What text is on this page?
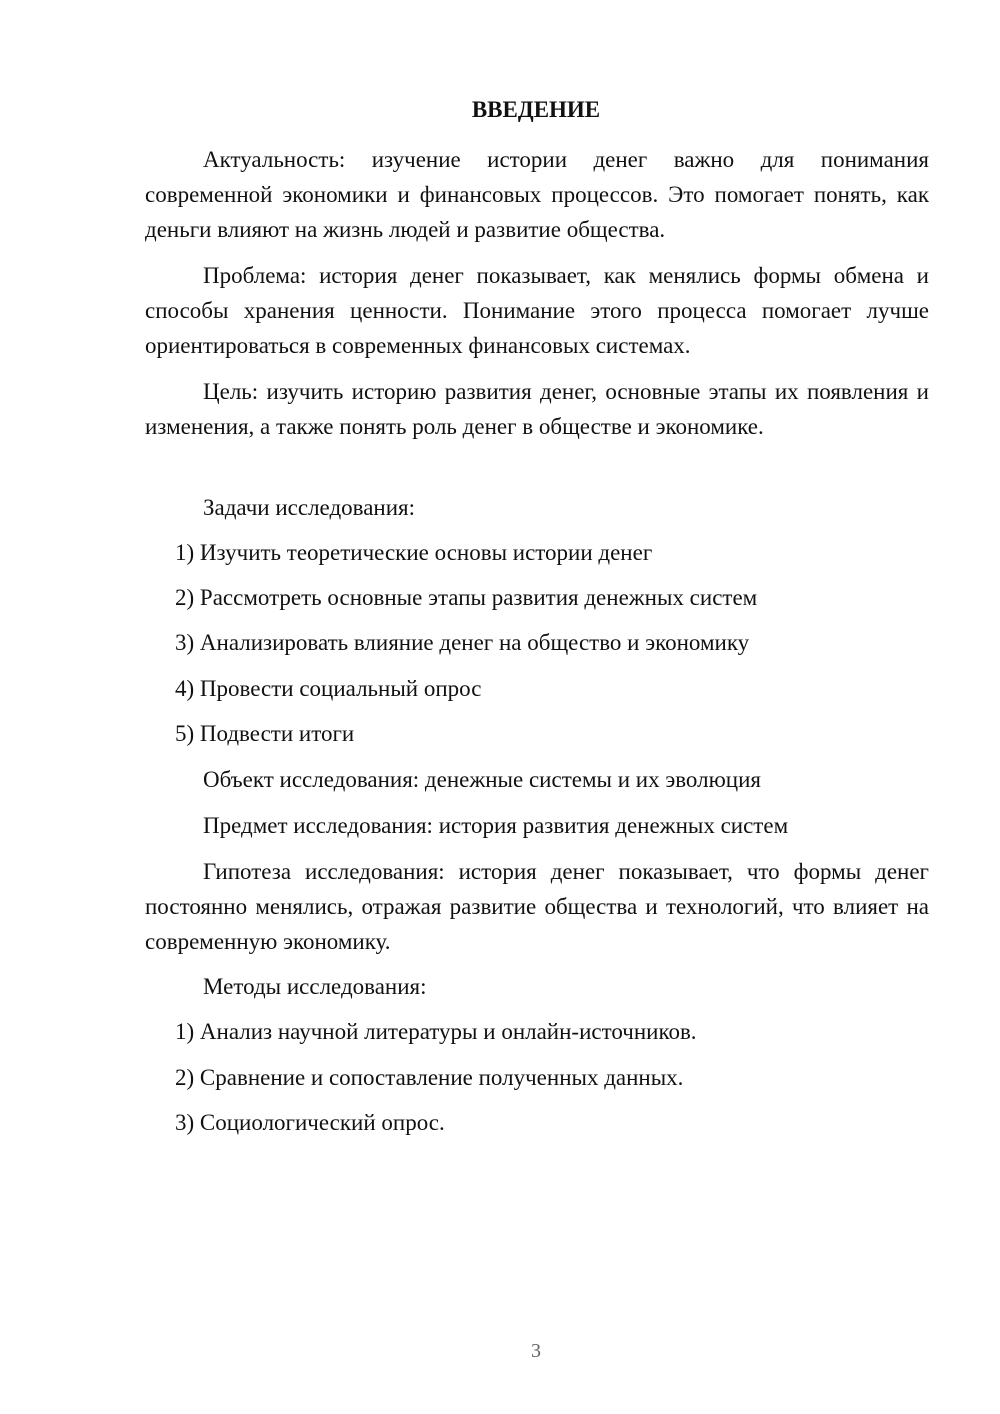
ВВЕДЕНИЕ
Актуальность: изучение истории денег важно для понимания современной экономики и финансовых процессов. Это помогает понять, как деньги влияют на жизнь людей и развитие общества.
Проблема: история денег показывает, как менялись формы обмена и способы хранения ценности. Понимание этого процесса помогает лучше ориентироваться в современных финансовых системах.
Цель: изучить историю развития денег, основные этапы их появления и изменения, а также понять роль денег в обществе и экономике.
Задачи исследования:
1) Изучить теоретические основы истории денег
2) Рассмотреть основные этапы развития денежных систем
3) Анализировать влияние денег на общество и экономику
4) Провести социальный опрос
5) Подвести итоги
Объект исследования: денежные системы и их эволюция
Предмет исследования: история развития денежных систем
Гипотеза исследования: история денег показывает, что формы денег постоянно менялись, отражая развитие общества и технологий, что влияет на современную экономику.
Методы исследования:
1) Анализ научной литературы и онлайн-источников.
2) Сравнение и сопоставление полученных данных.
3) Социологический опрос.
3
